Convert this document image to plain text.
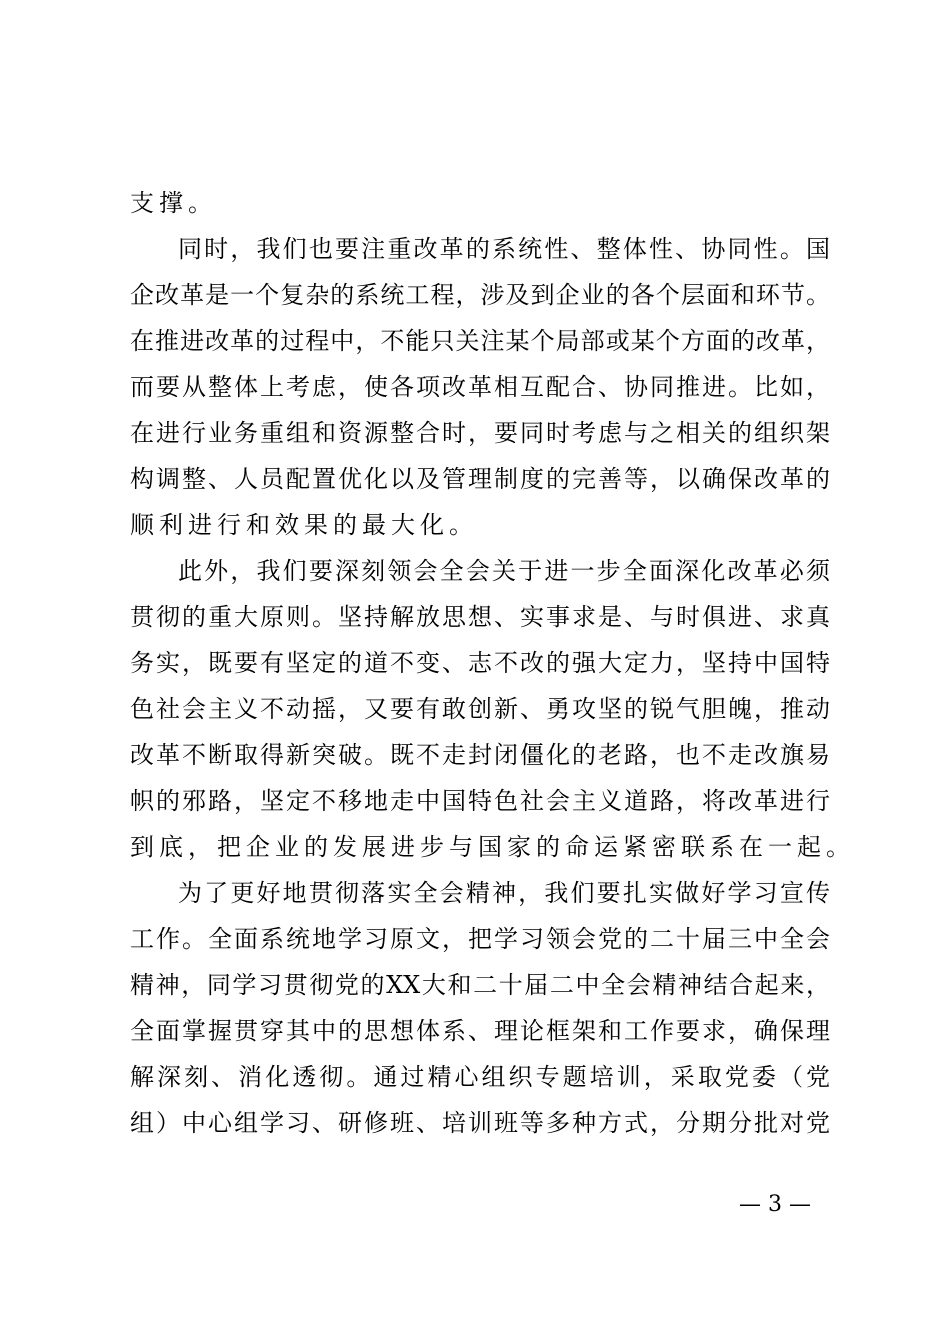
支撑。
同时，我们也要注重改革的系统性、整体性、协同性。国
企改革是一个复杂的系统工程，涉及到企业的各个层面和环节。
在推进改革的过程中，不能只关注某个局部或某个方面的改革，
而要从整体上考虑，使各项改革相互配合、协同推进。比如，
在进行业务重组和资源整合时，要同时考虑与之相关的组织架
构调整、人员配置优化以及管理制度的完善等，以确保改革的
顺利进行和效果的最大化。
此外，我们要深刻领会全会关于进一步全面深化改革必须
贯彻的重大原则。坚持解放思想、实事求是、与时俱进、求真
务实，既要有坚定的道不变、志不改的强大定力，坚持中国特
色社会主义不动摇，又要有敢创新、勇攻坚的锐气胆魄，推动
改革不断取得新突破。既不走封闭僵化的老路，也不走改旗易
帜的邪路，坚定不移地走中国特色社会主义道路，将改革进行
到底，把企业的发展进步与国家的命运紧密联系在一起。
为了更好地贯彻落实全会精神，我们要扎实做好学习宣传
工作。全面系统地学习原文，把学习领会党的二十届三中全会
精神，同学习贯彻党的XX大和二十届二中全会精神结合起来，
全面掌握贯穿其中的思想体系、理论框架和工作要求，确保理
解深刻、消化透彻。通过精心组织专题培训，采取党委（党
组）中心组学习、研修班、培训班等多种方式，分期分批对党
— 3 —
